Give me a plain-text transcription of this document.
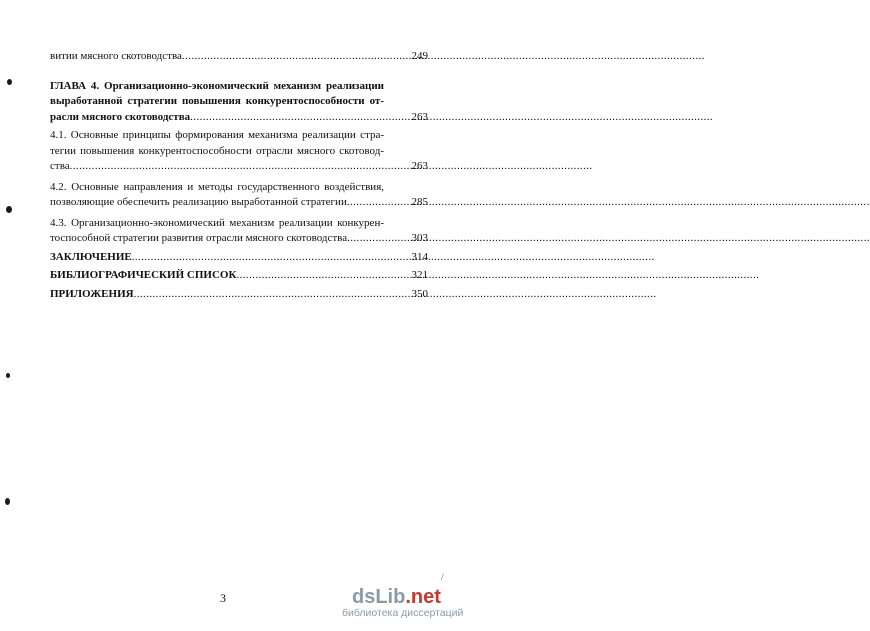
витии мясного скотоводства .....	249
ГЛАВА 4. Организационно-экономический механизм реализации
выработанной стратегии повышения конкурентоспособности от-
расли мясного скотоводства .....	263
4.1. Основные принципы формирования механизма реализации стра-
тегии повышения конкурентоспособности отрасли мясного скотовод-
ства .....	263
4.2. Основные направления и методы государственного воздействия,
позволяющие обеспечить реализацию выработанной стратегии .....	285
4.3. Организационно-экономический механизм реализации конкурен-
тоспособной стратегии развития отрасли мясного скотоводства .....	303
ЗАКЛЮЧЕНИЕ .....	314
БИБЛИОГРАФИЧЕСКИЙ СПИСОК .....	321
ПРИЛОЖЕНИЯ .....	350
/
3	dsLib.net
библиотека диссертаций
